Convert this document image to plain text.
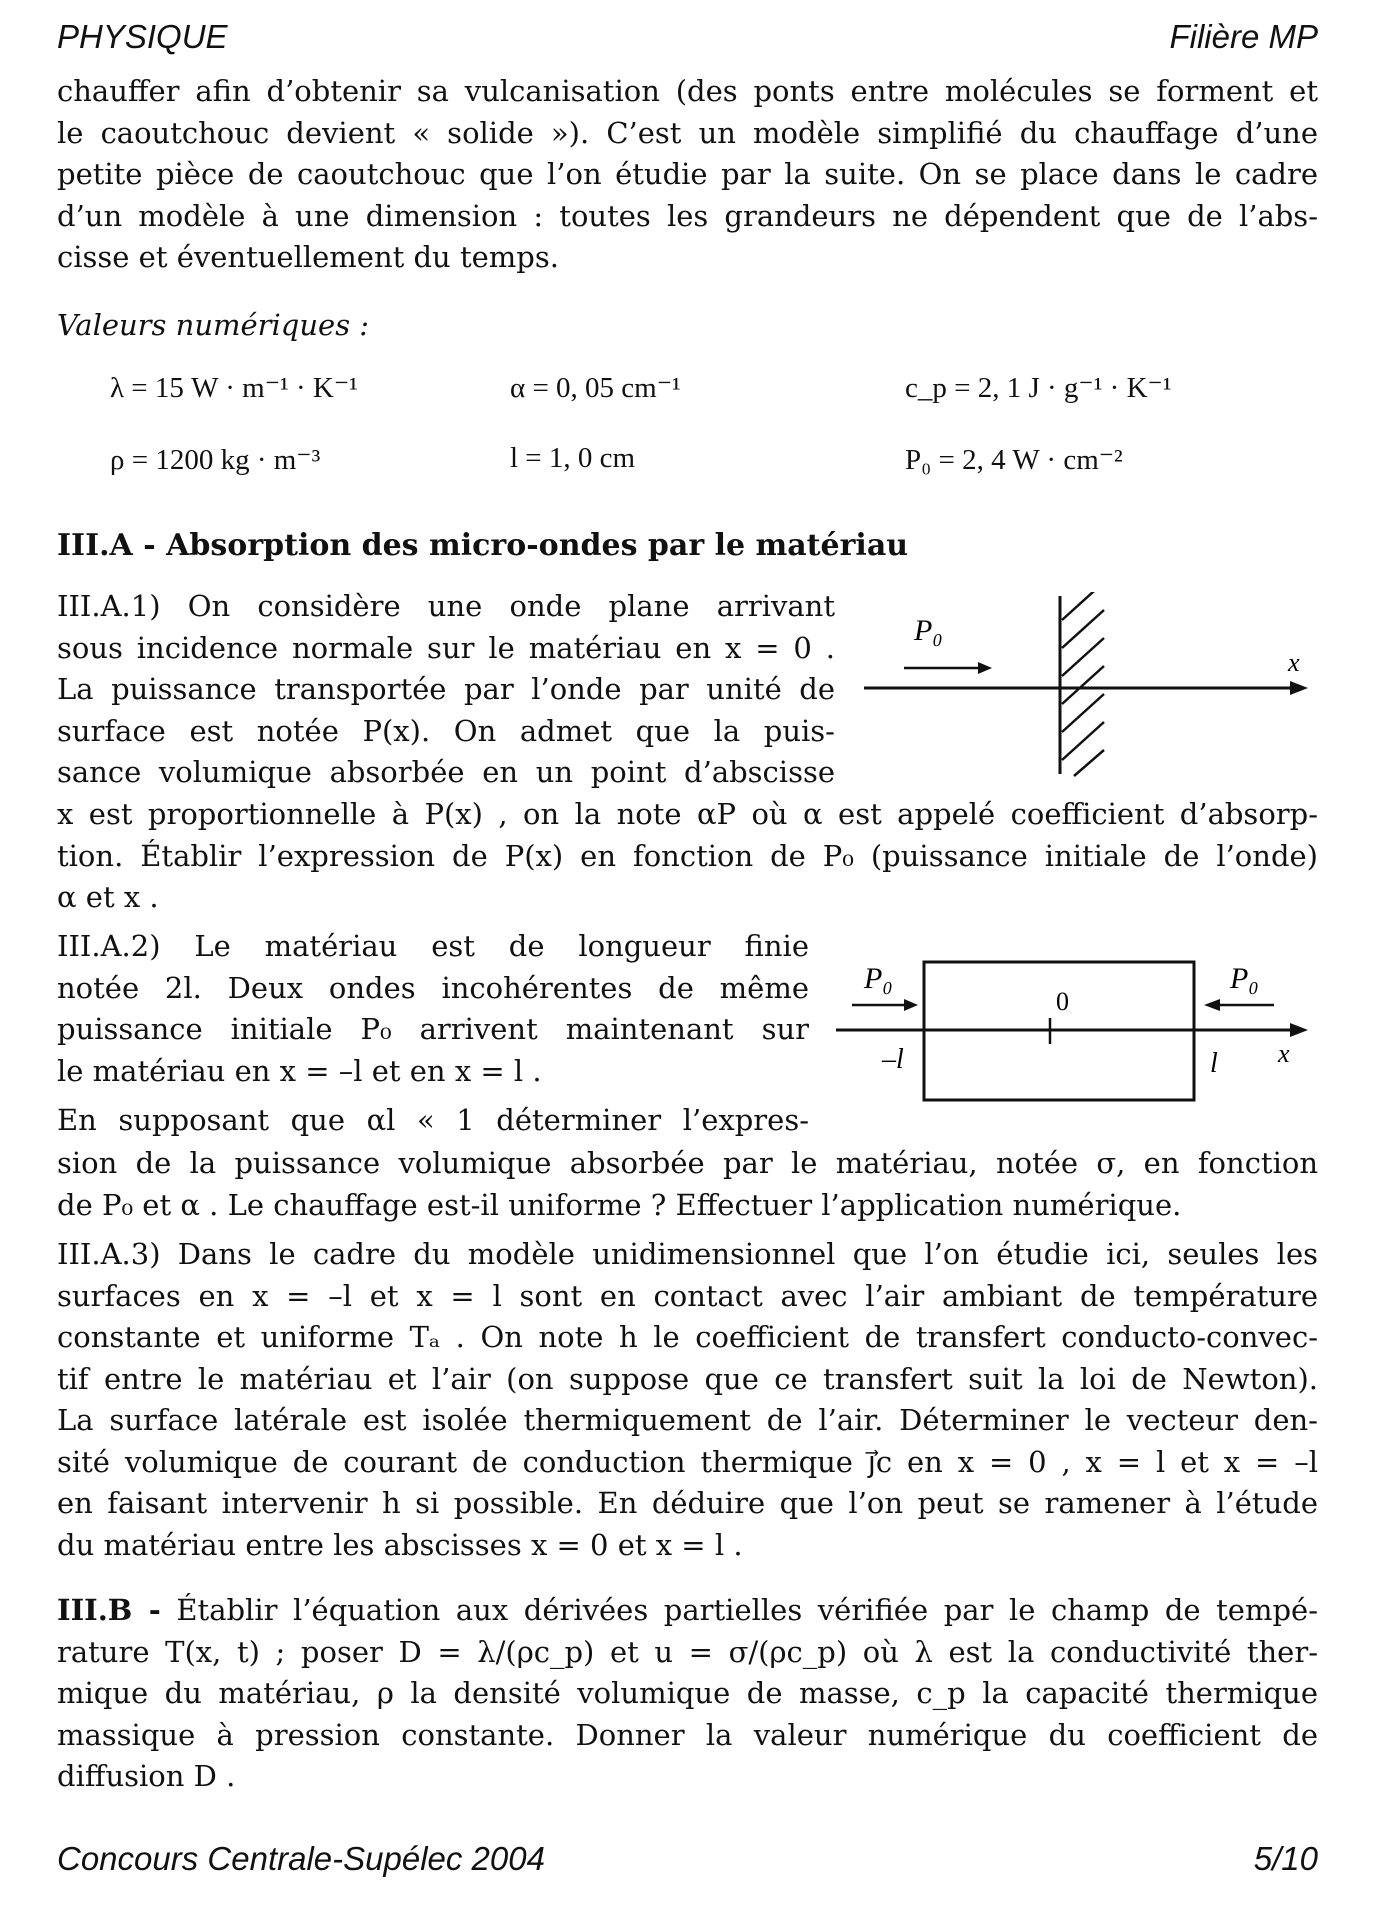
PHYSIQUE	Filière MP
chauffer afin d’obtenir sa vulcanisation (des ponts entre molécules se forment et
le caoutchouc devient « solide »). C’est un modèle simplifié du chauffage d’une
petite pièce de caoutchouc que l’on étudie par la suite. On se place dans le cadre
d’un modèle à une dimension : toutes les grandeurs ne dépendent que de l’abs-
cisse et éventuellement du temps.
Valeurs numériques :
λ = 15 W · m⁻¹ · K⁻¹	α = 0, 05 cm⁻¹	c_p = 2, 1 J · g⁻¹ · K⁻¹
ρ = 1200 kg · m⁻³	l = 1, 0 cm	P₀ = 2, 4 W · cm⁻²
III.A - Absorption des micro-ondes par le matériau
III.A.1) On considère une onde plane arrivant
sous incidence normale sur le matériau en x = 0 .
La puissance transportée par l’onde par unité de
surface est notée P(x). On admet que la puis-
sance volumique absorbée en un point d’abscisse
P₀
x
x est proportionnelle à P(x) , on la note αP où α est appelé coefficient d’absorp-
tion. Établir l’expression de P(x) en fonction de P₀ (puissance initiale de l’onde)
α et x .
III.A.2) Le matériau est de longueur finie
notée 2l. Deux ondes incohérentes de même
puissance initiale P₀ arrivent maintenant sur
le matériau en x = –l et en x = l .
En supposant que αl « 1 déterminer l’expres-
P₀	P₀
0
–l	l x
sion de la puissance volumique absorbée par le matériau, notée σ, en fonction
de P₀ et α . Le chauffage est-il uniforme ? Effectuer l’application numérique.
III.A.3) Dans le cadre du modèle unidimensionnel que l’on étudie ici, seules les
surfaces en x = –l et x = l sont en contact avec l’air ambiant de température
constante et uniforme Tₐ . On note h le coefficient de transfert conducto-convec-
tif entre le matériau et l’air (on suppose que ce transfert suit la loi de Newton).
La surface latérale est isolée thermiquement de l’air. Déterminer le vecteur den-
sité volumique de courant de conduction thermique j⃗c en x = 0 , x = l et x = –l
en faisant intervenir h si possible. En déduire que l’on peut se ramener à l’étude
du matériau entre les abscisses x = 0 et x = l .
III.B - Établir l’équation aux dérivées partielles vérifiée par le champ de tempé-
rature T(x, t) ; poser D = λ/(ρc_p) et u = σ/(ρc_p) où λ est la conductivité ther-
mique du matériau, ρ la densité volumique de masse, c_p la capacité thermique
massique à pression constante. Donner la valeur numérique du coefficient de
diffusion D .
Concours Centrale-Supélec 2004	5/10
